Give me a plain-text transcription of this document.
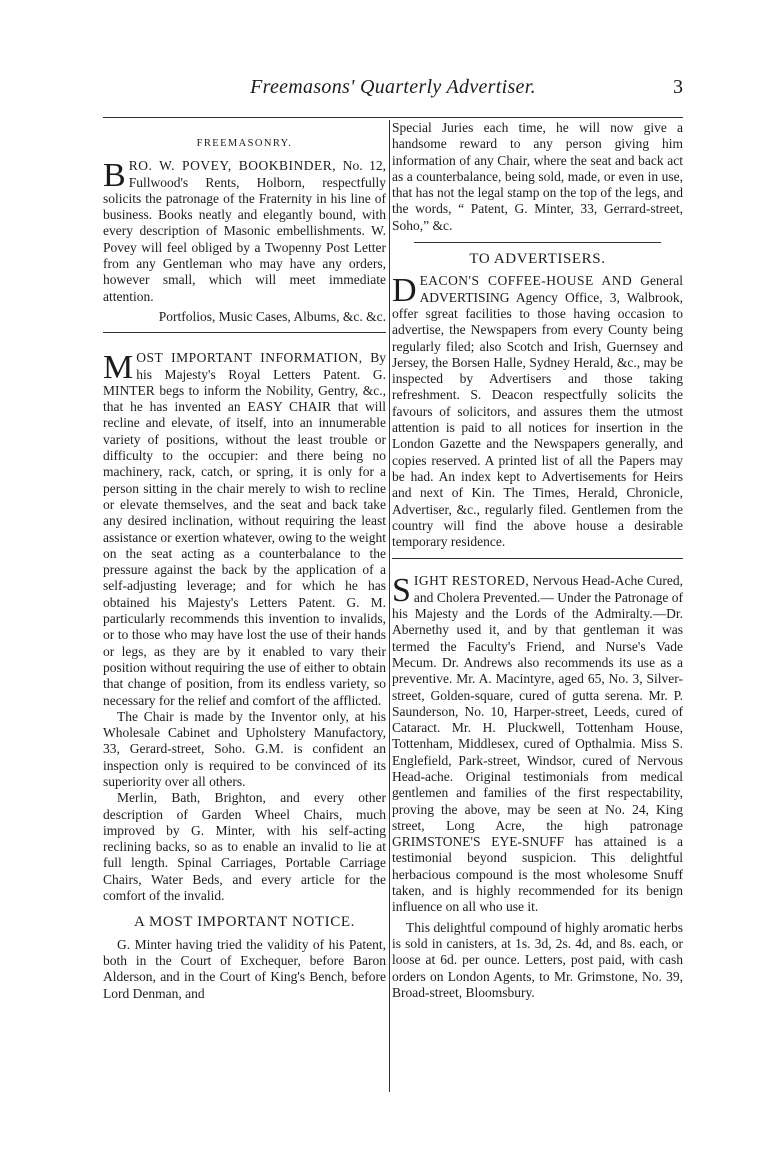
Freemasons' Quarterly Advertiser.	3
FREEMASONRY.

BRO. W. POVEY, BOOKBINDER, No. 12, Fullwood's Rents, Holborn, respectfully solicits the patronage of the Fraternity in his line of business. Books neatly and elegantly bound, with every description of Masonic embellishments. W. Povey will feel obliged by a Twopenny Post Letter from any Gentleman who may have any orders, however small, which will meet immediate attention.

Portfolios, Music Cases, Albums, &c. &c.

MOST IMPORTANT INFORMATION, By his Majesty's Royal Letters Patent. G. MINTER begs to inform the Nobility, Gentry, &c., that he has invented an EASY CHAIR that will recline and elevate, of itself, into an innumerable variety of positions, without the least trouble or difficulty to the occupier: and there being no machinery, rack, catch, or spring, it is only for a person sitting in the chair merely to wish to recline or elevate themselves, and the seat and back take any desired inclination, without requiring the least assistance or exertion whatever, owing to the weight on the seat acting as a counterbalance to the pressure against the back by the application of a self-adjusting leverage; and for which he has obtained his Majesty's Letters Patent. G. M. particularly recommends this invention to invalids, or to those who may have lost the use of their hands or legs, as they are by it enabled to vary their position without requiring the use of either to obtain that change of position, from its endless variety, so necessary for the relief and comfort of the afflicted.

The Chair is made by the Inventor only, at his Wholesale Cabinet and Upholstery Manufactory, 33, Gerard-street, Soho. G.M. is confident an inspection only is required to be convinced of its superiority over all others.

Merlin, Bath, Brighton, and every other description of Garden Wheel Chairs, much improved by G. Minter, with his self-acting reclining backs, so as to enable an invalid to lie at full length. Spinal Carriages, Portable Carriage Chairs, Water Beds, and every article for the comfort of the invalid.

A MOST IMPORTANT NOTICE.

G. Minter having tried the validity of his Patent, both in the Court of Exchequer, before Baron Alderson, and in the Court of King's Bench, before Lord Denman, and

Special Juries each time, he will now give a handsome reward to any person giving him information of any Chair, where the seat and back act as a counterbalance, being sold, made, or even in use, that has not the legal stamp on the top of the legs, and the words, “ Patent, G. Minter, 33, Gerrard-street, Soho,” &c.

TO ADVERTISERS.

DEACON'S COFFEE-HOUSE AND General ADVERTISING Agency Office, 3, Walbrook, offer sgreat facilities to those having occasion to advertise, the Newspapers from every County being regularly filed; also Scotch and Irish, Guernsey and Jersey, the Borsen Halle, Sydney Herald, &c., may be inspected by Advertisers and those taking refreshment. S. Deacon respectfully solicits the favours of solicitors, and assures them the utmost attention is paid to all notices for insertion in the London Gazette and the Newspapers generally, and copies reserved. A printed list of all the Papers may be had. An index kept to Advertisements for Heirs and next of Kin. The Times, Herald, Chronicle, Advertiser, &c., regularly filed. Gentlemen from the country will find the above house a desirable temporary residence.

SIGHT RESTORED, Nervous Head-Ache Cured, and Cholera Prevented.— Under the Patronage of his Majesty and the Lords of the Admiralty.—Dr. Abernethy used it, and by that gentleman it was termed the Faculty's Friend, and Nurse's Vade Mecum. Dr. Andrews also recommends its use as a preventive. Mr. A. Macintyre, aged 65, No. 3, Silver-street, Golden-square, cured of gutta serena. Mr. P. Saunderson, No. 10, Harper-street, Leeds, cured of Cataract. Mr. H. Pluckwell, Tottenham House, Tottenham, Middlesex, cured of Opthalmia. Miss S. Englefield, Park-street, Windsor, cured of Nervous Head-ache. Original testimonials from medical gentlemen and families of the first respectability, proving the above, may be seen at No. 24, King street, Long Acre, the high patronage GRIMSTONE'S EYE-SNUFF has attained is a testimonial beyond suspicion. This delightful herbacious compound is the most wholesome Snuff taken, and is highly recommended for its benign influence on all who use it.

This delightful compound of highly aromatic herbs is sold in canisters, at 1s. 3d, 2s. 4d, and 8s. each, or loose at 6d. per ounce. Letters, post paid, with cash orders on London Agents, to Mr. Grimstone, No. 39, Broad-street, Bloomsbury.
